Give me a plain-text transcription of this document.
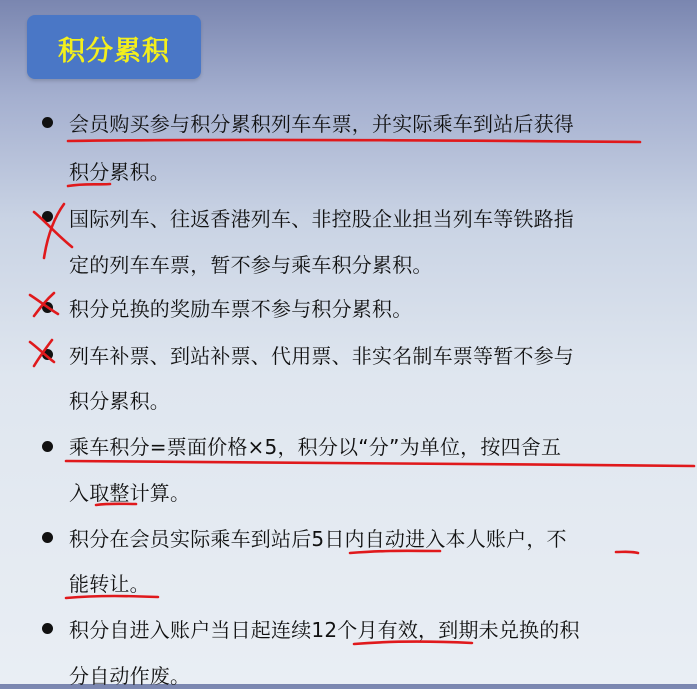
积分累积
会员购买参与积分累积列车车票，并实际乘车到站后获得
积分累积。
国际列车、往返香港列车、非控股企业担当列车等铁路指
定的列车车票，暂不参与乘车积分累积。
积分兑换的奖励车票不参与积分累积。
列车补票、到站补票、代用票、非实名制车票等暂不参与
积分累积。
乘车积分=票面价格×5，积分以“分”为单位，按四舍五
入取整计算。
积分在会员实际乘车到站后5日内自动进入本人账户，不
能转让。
积分自进入账户当日起连续12个月有效，到期未兑换的积
分自动作废。
